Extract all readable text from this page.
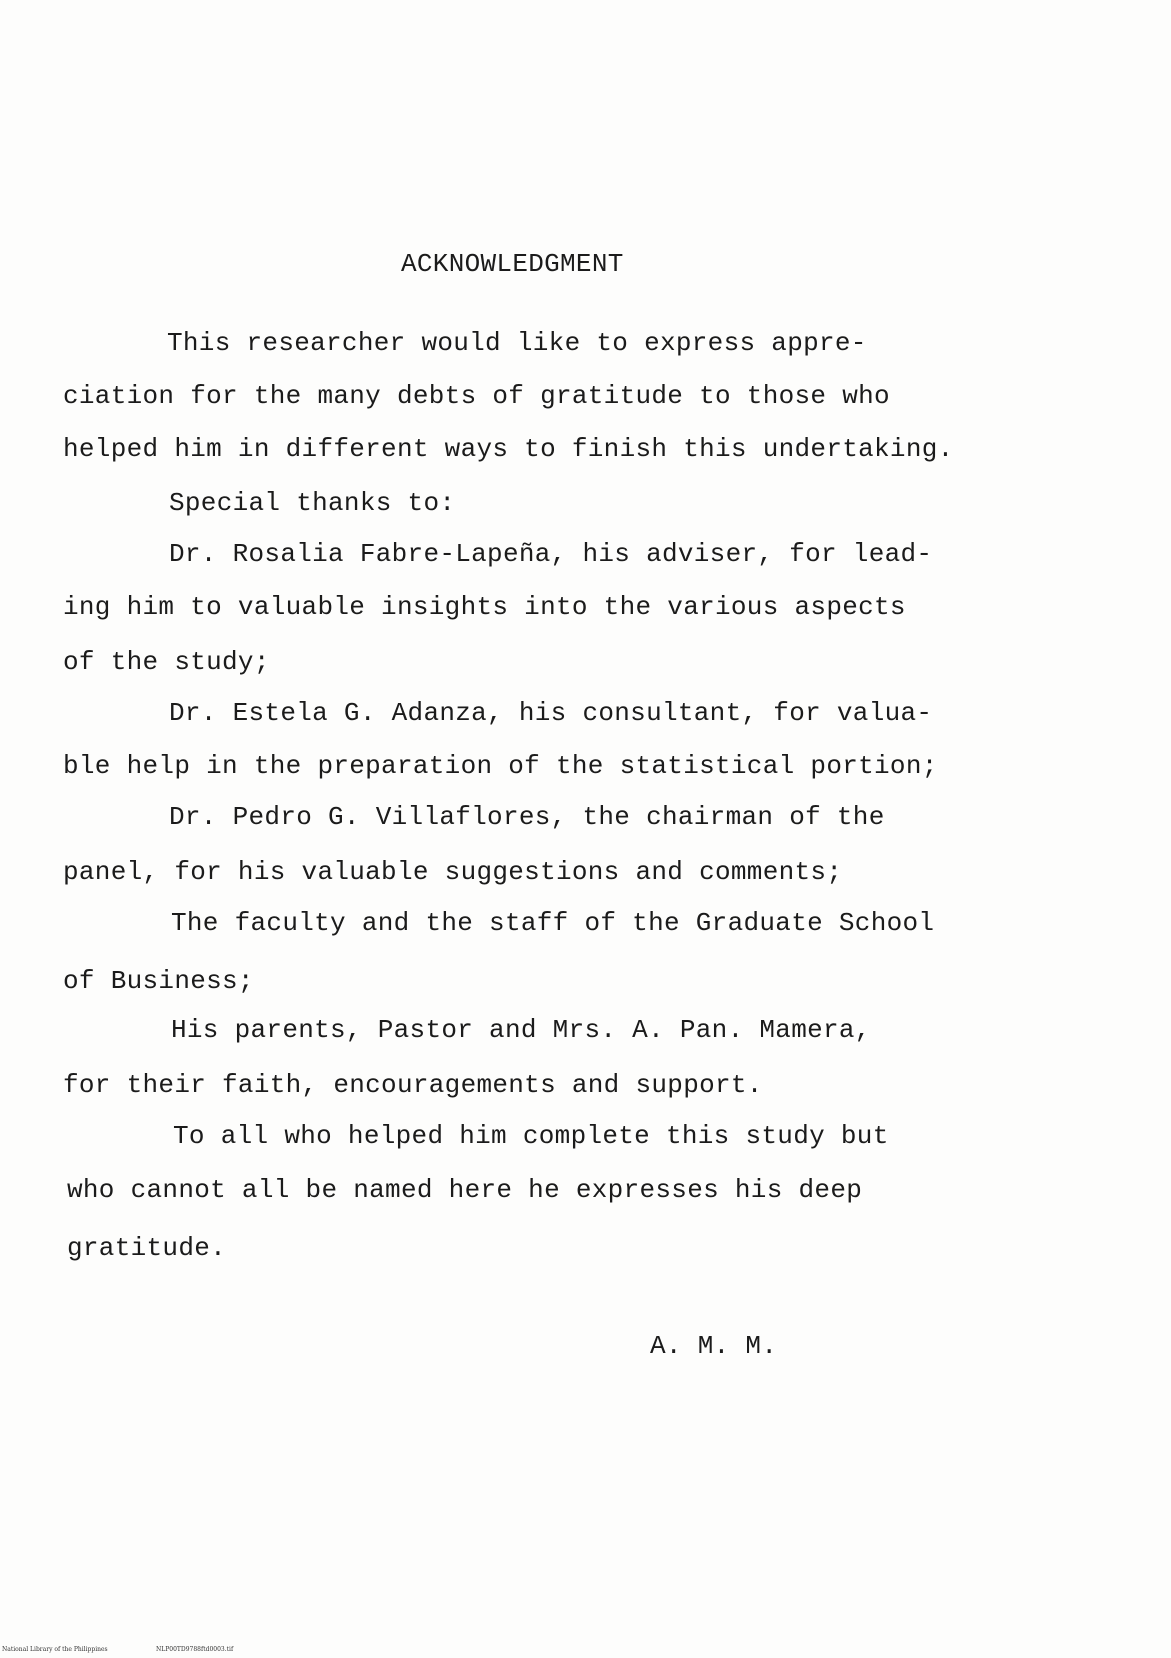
ACKNOWLEDGMENT
This researcher would like to express appre-
ciation for the many debts of gratitude to those who
helped him in different ways to finish this undertaking.
Special thanks to:
Dr. Rosalia Fabre-Lapeña, his adviser, for lead-
ing him to valuable insights into the various aspects
of the study;
Dr. Estela G. Adanza, his consultant, for valua-
ble help in the preparation of the statistical portion;
Dr. Pedro G. Villaflores, the chairman of the
panel, for his valuable suggestions and comments;
The faculty and the staff of the Graduate School
of Business;
His parents, Pastor and Mrs. A. Pan. Mamera,
for their faith, encouragements and support.
To all who helped him complete this study but
who cannot all be named here he expresses his deep
gratitude.
A. M. M.
National Library of the Philippines	NLP00TD9788ftd0003.tif
